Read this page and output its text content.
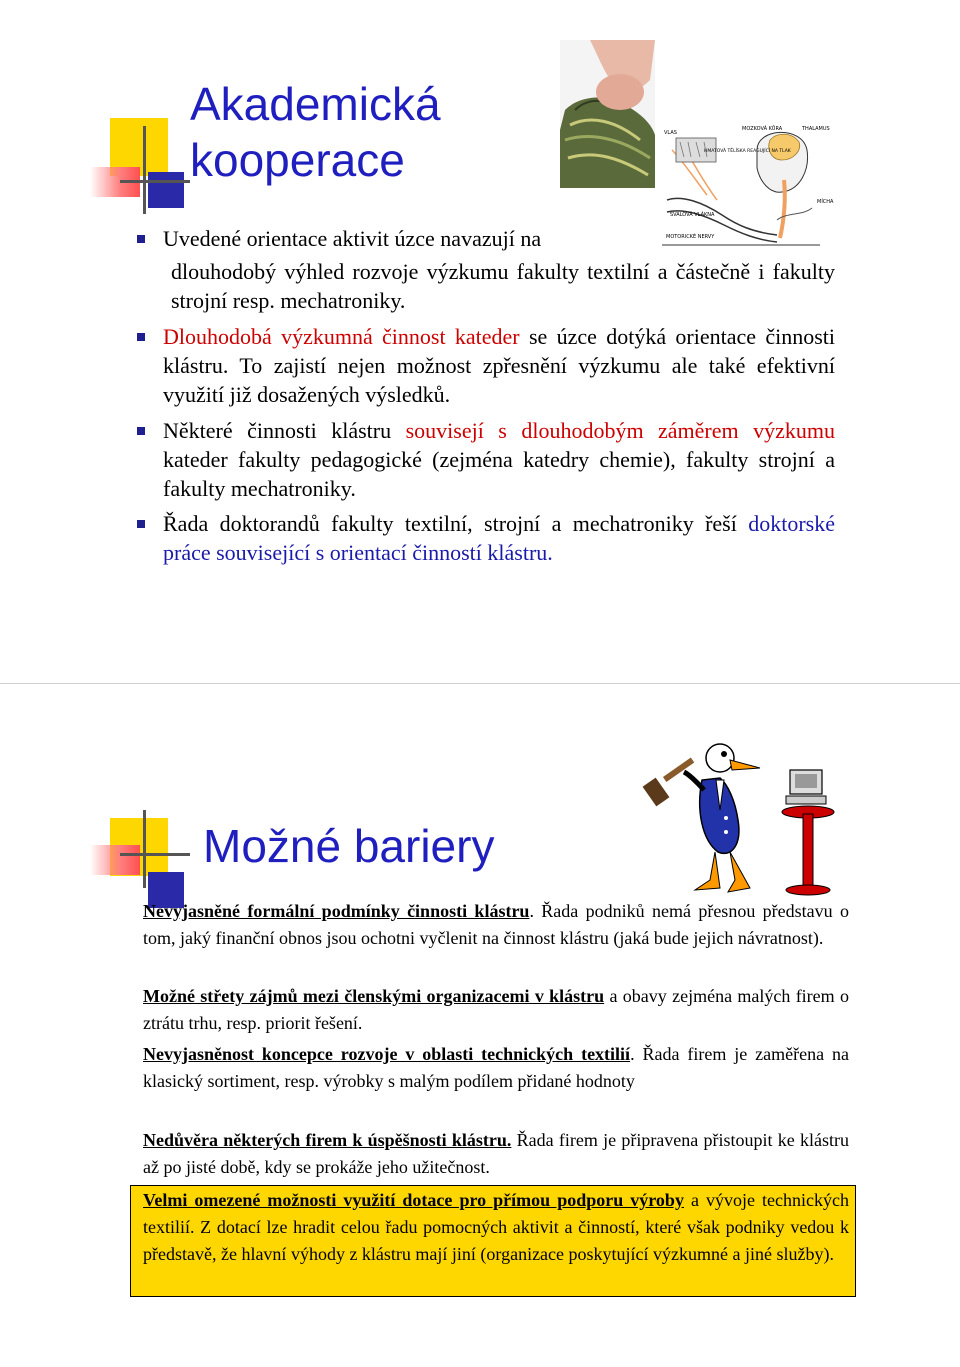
Akademická
kooperace
VLAS
MOZKOVÁ KŮRA	THALAMUS
HMATOVÁ TĚLÍSKA REAGUJÍCÍ NA TLAK
SVALOVÁ VLÁKNA
MÍCHA
MOTORICKÉ NERVY
Uvedené orientace aktivit úzce navazují na
dlouhodobý výhled rozvoje výzkumu fakulty textilní a částečně i fakulty strojní resp. mechatroniky.
Dlouhodobá výzkumná činnost kateder se úzce dotýká orientace činnosti klástru. To zajistí nejen možnost zpřesnění výzkumu ale také efektivní využití již dosažených výsledků.
Některé činnosti klástru souvisejí s dlouhodobým záměrem výzkumu kateder fakulty pedagogické (zejména katedry chemie), fakulty strojní a fakulty mechatroniky.
Řada doktorandů fakulty textilní, strojní a mechatroniky řeší doktorské práce související s orientací činností klástru.
Možné bariery

Nevyjasněné formální podmínky činnosti klástru. Řada podniků nemá přesnou představu o tom, jaký finanční obnos jsou ochotni vyčlenit na činnost klástru (jaká bude jejich návratnost).

Možné střety zájmů mezi členskými organizacemi v klástru a obavy zejména malých firem o ztrátu trhu, resp. priorit řešení.

Nevyjasněnost koncepce rozvoje v oblasti technických textilií. Řada firem je zaměřena na klasický sortiment, resp. výrobky s malým podílem přidané hodnoty

Nedůvěra některých firem k úspěšnosti klástru. Řada firem je připravena přistoupit ke klástru až po jisté době, kdy se prokáže jeho užitečnost.

Velmi omezené možnosti využití dotace pro přímou podporu výroby a vývoje technických textilií. Z dotací lze hradit celou řadu pomocných aktivit a činností, které však podniky vedou k představě, že hlavní výhody z klástru mají jiní (organizace poskytující výzkumné a jiné služby).
